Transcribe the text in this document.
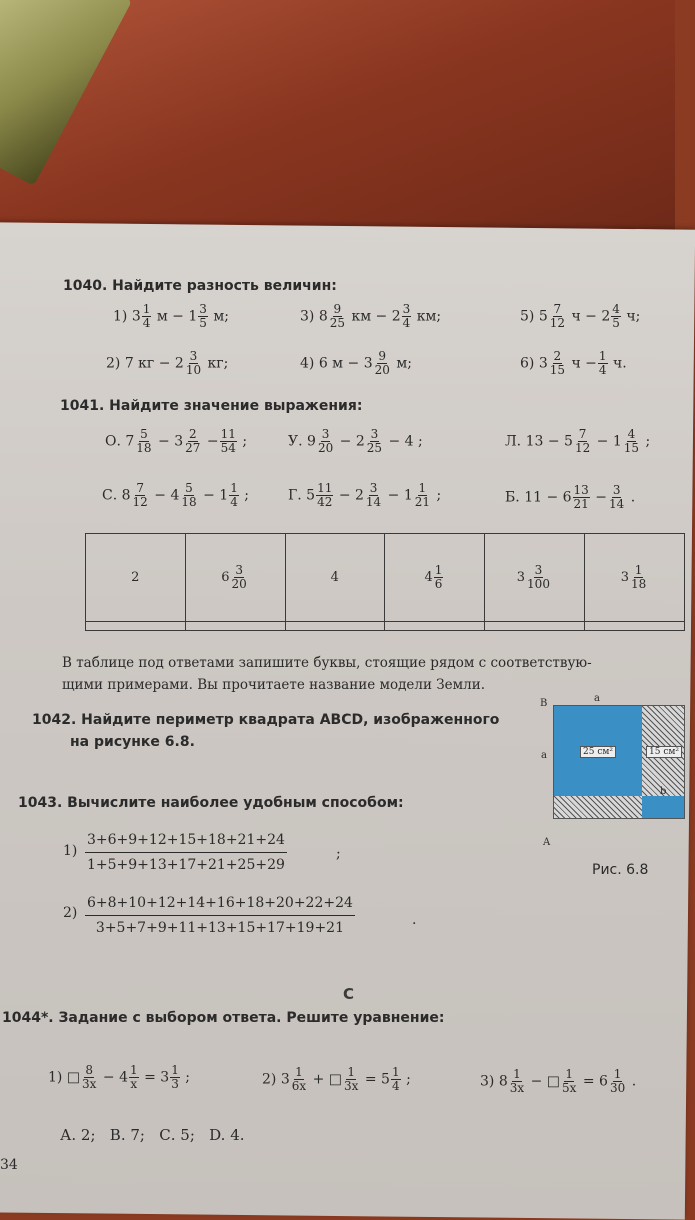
1040. Найдите разность величин:
1) $3 \frac{1}{4}$ $м - 1 \frac{3}{5} м$;	3) $8 \frac{9}{25}$ км − $2 \frac{3}{4}$ км;	5) $5 \frac{7}{12}$ $ч - 2 \frac{4}{5} ч$;
2) 7 кг − $2 \frac{3}{10}$ кг;	4) 6 $м - 3 \frac{9}{20} м$;	6) $3 \frac{2}{15}$ $ч - \frac{1}{4} ч$.
1041. Найдите значение выражения:
О. $7 \frac{5}{18} - 3 \frac{2}{27} - \frac{11}{54}$ ;	У. $9 \frac{3}{20} - 2 \frac{3}{25} - 4$ ;	Л. $13 - 5 \frac{7}{12} - 1 \frac{4}{15}$ ;
С. $8 \frac{7}{12} - 4 \frac{5}{18} - 1 \frac{1}{4}$ ;	Г. $5 \frac{11}{42} - 2 \frac{3}{14} - 1 \frac{1}{21}$ ;	Б. $11 - 6 \frac{13}{21} - \frac{3}{14}$ .
2	$6 \frac{3}{20}$	4	$4 \frac{1}{6}$	$3 \frac{3}{100}$	$3 \frac{1}{18}$

В таблице под ответами запишите буквы, стоящие рядом с соответствую-
щими примерами. Вы прочитаете название модели Земли.
1042. Найдите периметр квадрата ABCD, изображенного
на рисунке 6.8.
B	a
a
A
25 см²	15 см²
b
Рис. 6.8
1043. Вычислите наиболее удобным способом:
1)
3+6+9+12+15+18+21+24
1+5+9+13+17+21+25+29
;
2)
6+8+10+12+14+16+18+20+22+24
3+5+7+9+11+13+15+17+19+21	.
C
1044*. Задание с выбором ответа. Решите уравнение:
1) □ $\frac{8}{3x} - 4 \frac{1}{x} = 3 \frac{1}{3}$ ;	2) $3 \frac{1}{6x}$ + □ $\frac{1}{3x} = 5 \frac{1}{4}$ ;	3) $8 \frac{1}{3x}$ − □ $\frac{1}{5x} = 6 \frac{1}{30}$ .
А. 2;   В. 7;   С. 5;   D. 4.
34
